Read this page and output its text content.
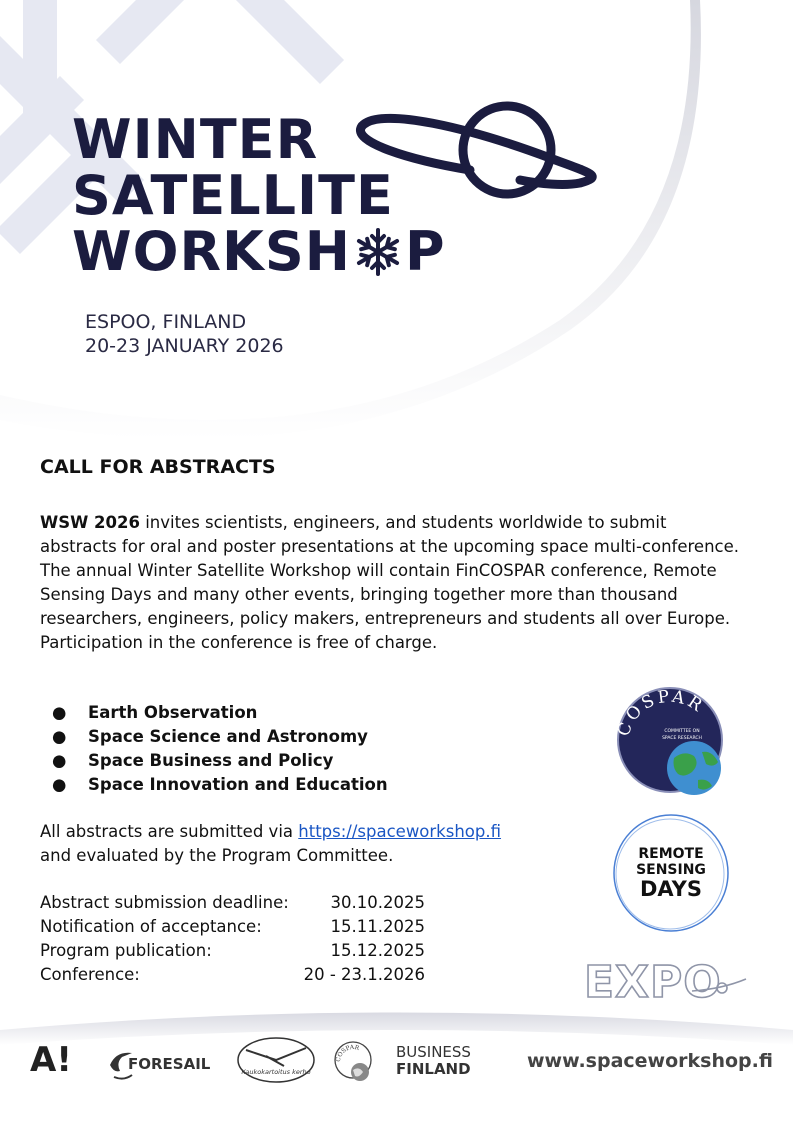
WINTER
SATELLITE
WORKSH P
ESPOO, FINLAND
20-23 JANUARY 2026
CALL FOR ABSTRACTS
WSW 2026 invites scientists, engineers, and students worldwide to submit abstracts for oral and poster presentations at the upcoming space multi-conference. The annual Winter Satellite Workshop will contain FinCOSPAR conference, Remote Sensing Days and many other events, bringing together more than thousand researchers, engineers, policy makers, entrepreneurs and students all over Europe. Participation in the conference is free of charge.
●	Earth Observation
●	Space Science and Astronomy
●	Space Business and Policy
●	Space Innovation and Education
All abstracts are submitted via https://spaceworkshop.fi
and evaluated by the Program Committee.
Abstract submission deadline:	30.10.2025
Notification of acceptance:	15.11.2025
Program publication:	15.12.2025
Conference:	20 - 23.1.2026
COSPAR
COMMITTEE ON
SPACE RESEARCH
REMOTE
SENSING
DAYS
EXPO
A!	FORESAIL	Kaukokartoitus kerho
COSPAR BUSINESS
FINLAND	www.spaceworkshop.fi
